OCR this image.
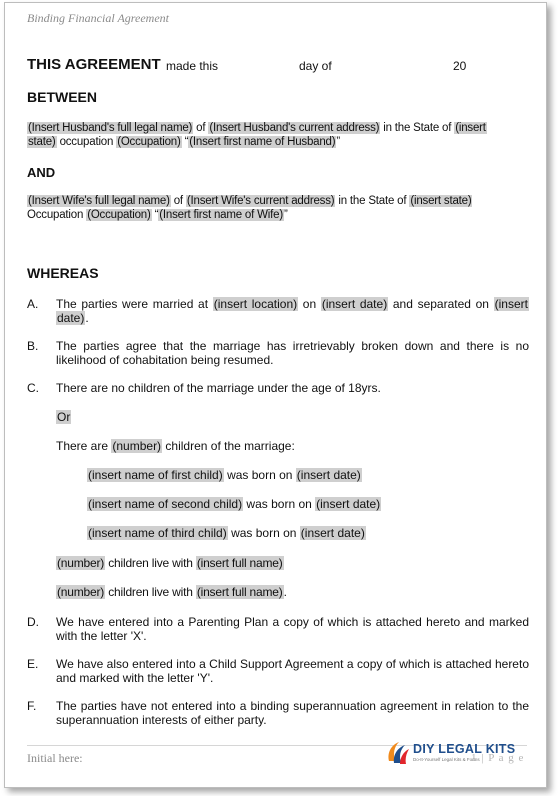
Binding Financial Agreement
THIS AGREEMENT made this	day of	20
BETWEEN
(Insert Husband's full legal name) of (Insert Husband's current address) in the State of (insert
state) occupation (Occupation) “(Insert first name of Husband)”
AND
(Insert Wife's full legal name) of (Insert Wife's current address) in the State of (insert state)
Occupation (Occupation) “(Insert first name of Wife)”
WHEREAS
A. The parties were married at (insert location) on (insert date) and separated on (insert date).
B. The parties agree that the marriage has irretrievably broken down and there is no likelihood of cohabitation being resumed.
C. There are no children of the marriage under the age of 18yrs.
Or
There are (number) children of the marriage:
(insert name of first child) was born on (insert date)
(insert name of second child) was born on (insert date)
(insert name of third child) was born on (insert date)
(number) children live with (insert full name)
(number) children live with (insert full name).
D. We have entered into a Parenting Plan a copy of which is attached hereto and marked with the letter 'X'.
E. We have also entered into a Child Support Agreement a copy of which is attached hereto and marked with the letter 'Y'.
F. The parties have not entered into a binding superannuation agreement in relation to the superannuation interests of either party.
Initial here:	1 | P a g e
DIY LEGAL KITS
Do-It-Yourself Legal Kits & Forms
